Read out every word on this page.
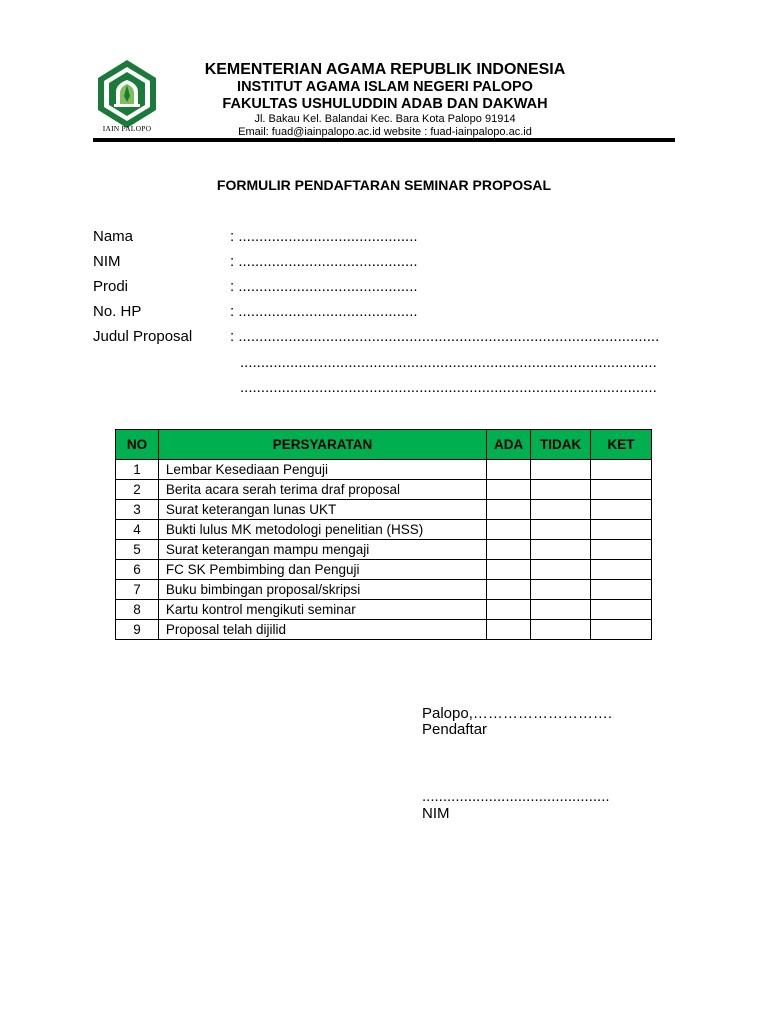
IAIN PALOPO
KEMENTERIAN AGAMA REPUBLIK INDONESIA
INSTITUT AGAMA ISLAM NEGERI PALOPO
FAKULTAS USHULUDDIN ADAB DAN DAKWAH
Jl. Bakau Kel. Balandai Kec. Bara Kota Palopo 91914
Email: fuad@iainpalopo.ac.id website : fuad-iainpalopo.ac.id
FORMULIR PENDAFTARAN SEMINAR PROPOSAL
Nama	: ...........................................
NIM	: ...........................................
Prodi	: ...........................................
No. HP	: ...........................................
Judul Proposal	: .....................................................................................................
....................................................................................................
....................................................................................................
NO	PERSYARATAN	ADA	TIDAK	KET
1	Lembar Kesediaan Penguji			
2	Berita acara serah terima draf proposal			
3	Surat keterangan lunas UKT			
4	Bukti lulus MK metodologi penelitian (HSS)			
5	Surat keterangan mampu mengaji			
6	FC SK Pembimbing dan Penguji			
7	Buku bimbingan proposal/skripsi			
8	Kartu kontrol mengikuti seminar			
9	Proposal telah dijilid			
Palopo,……………………….
Pendaftar
.............................................
NIM
